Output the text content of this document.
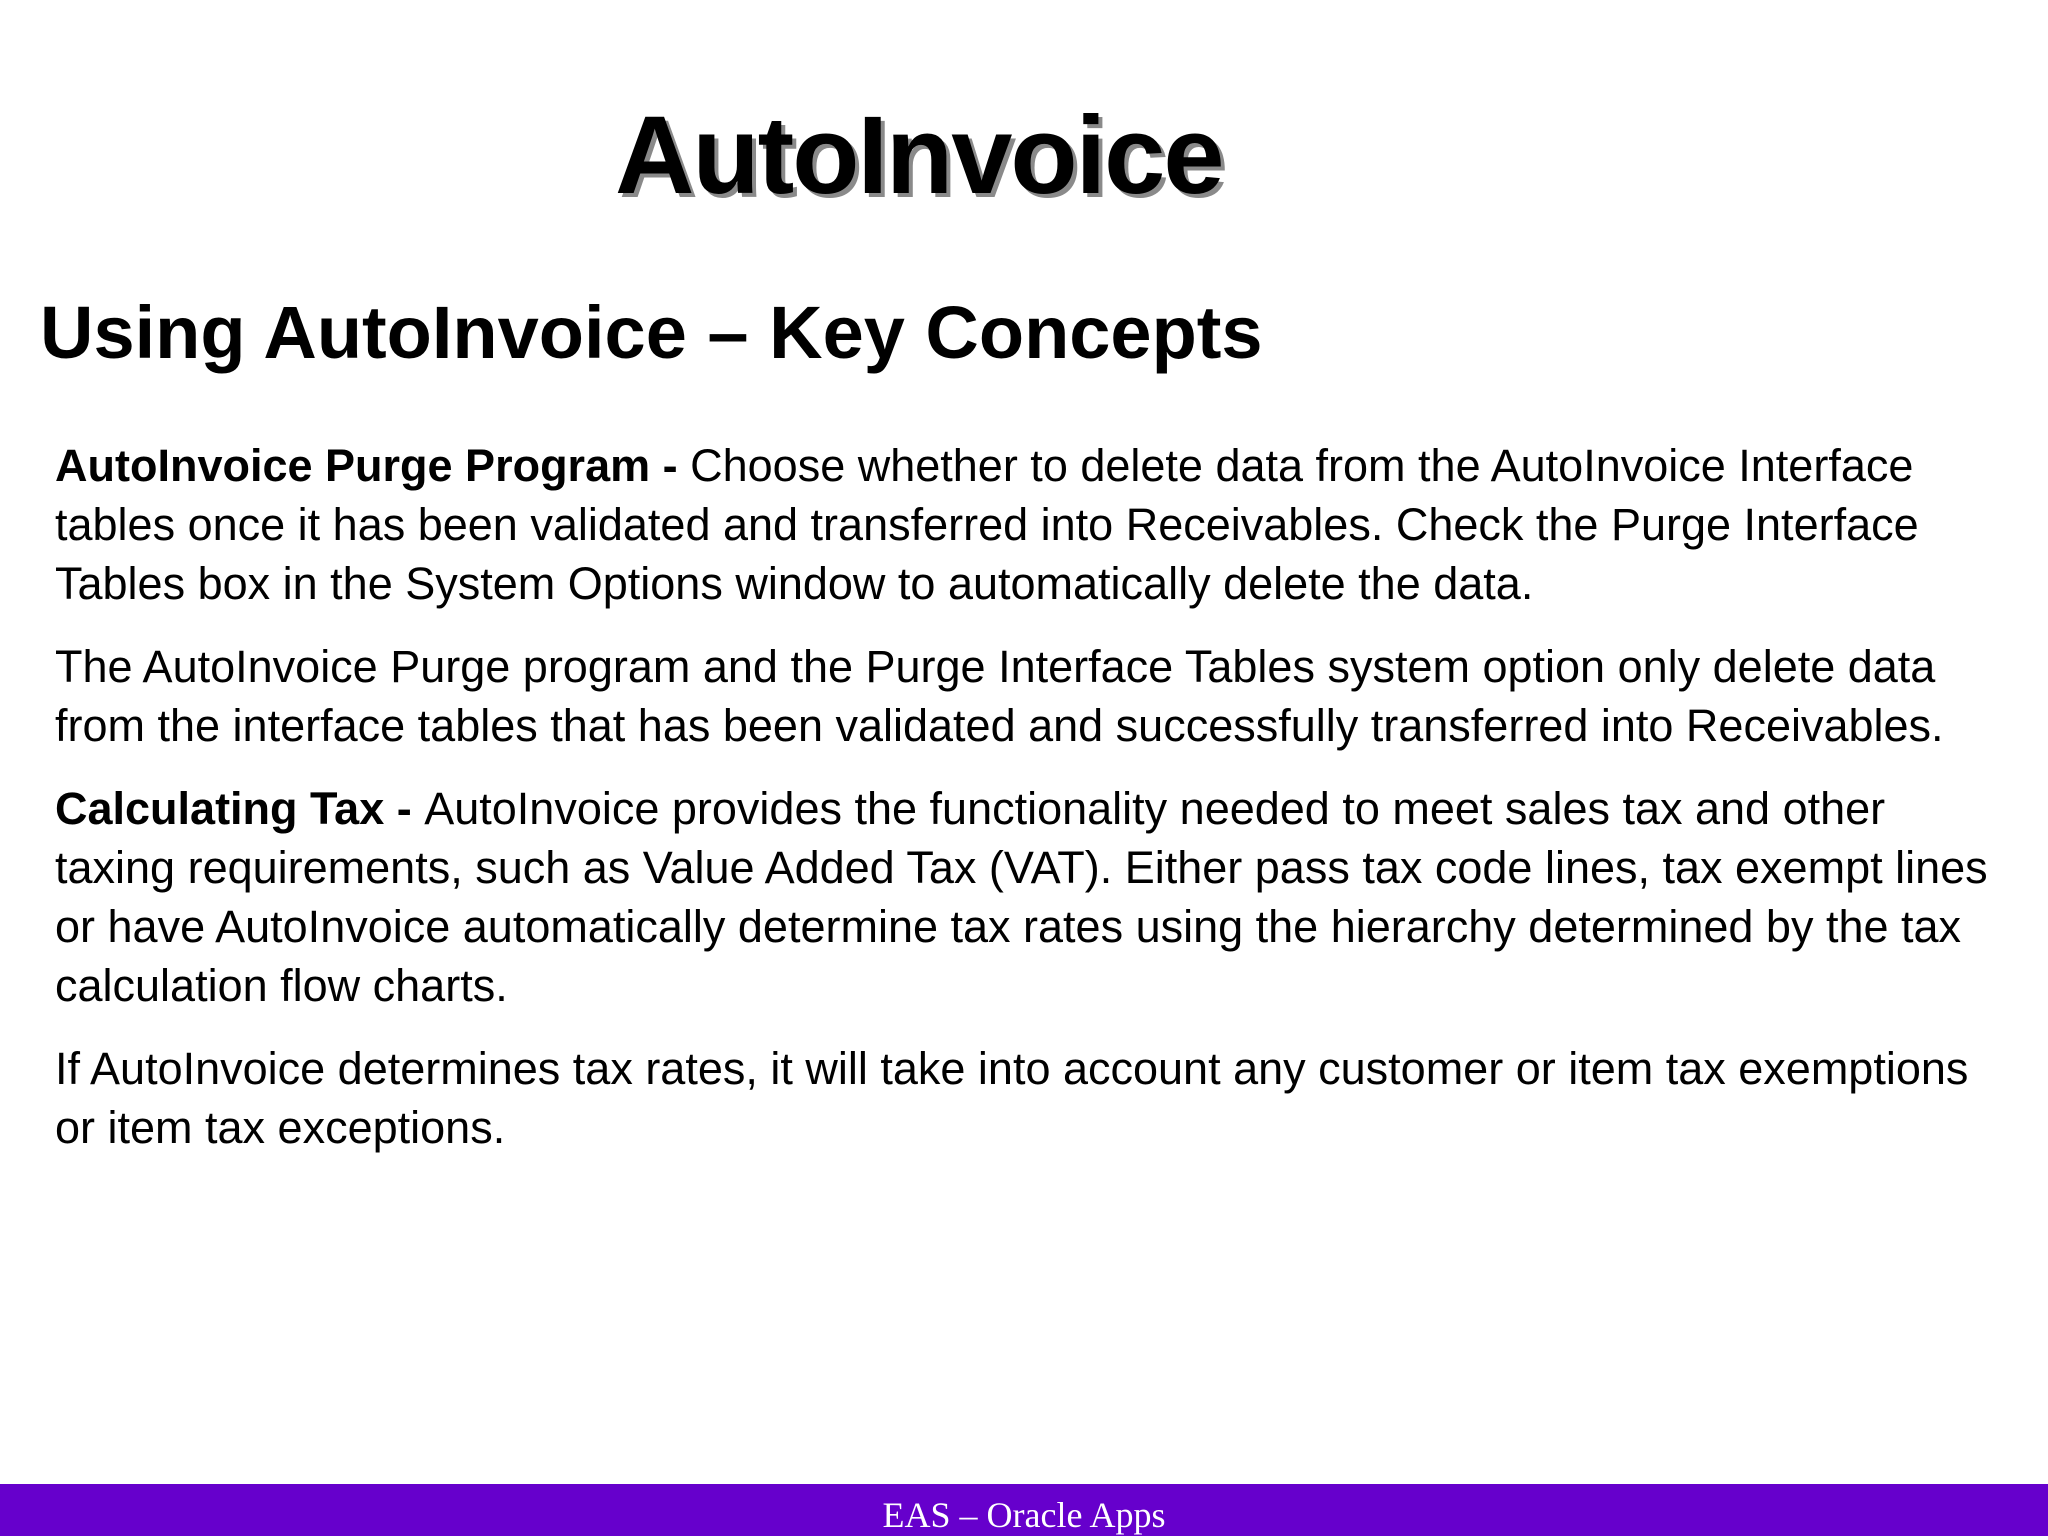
AutoInvoice
Using AutoInvoice – Key Concepts

AutoInvoice Purge Program - Choose whether to delete data from the AutoInvoice Interface tables once it has been validated and transferred into Receivables. Check the Purge Interface Tables box in the System Options window to automatically delete the data.

The AutoInvoice Purge program and the Purge Interface Tables system option only delete data from the interface tables that has been validated and successfully transferred into Receivables.

Calculating Tax - AutoInvoice provides the functionality needed to meet sales tax and other taxing requirements, such as Value Added Tax (VAT). Either pass tax code lines, tax exempt lines or have AutoInvoice automatically determine tax rates using the hierarchy determined by the tax calculation flow charts.

If AutoInvoice determines tax rates, it will take into account any customer or item tax exemptions or item tax exceptions.

EAS – Oracle Apps
